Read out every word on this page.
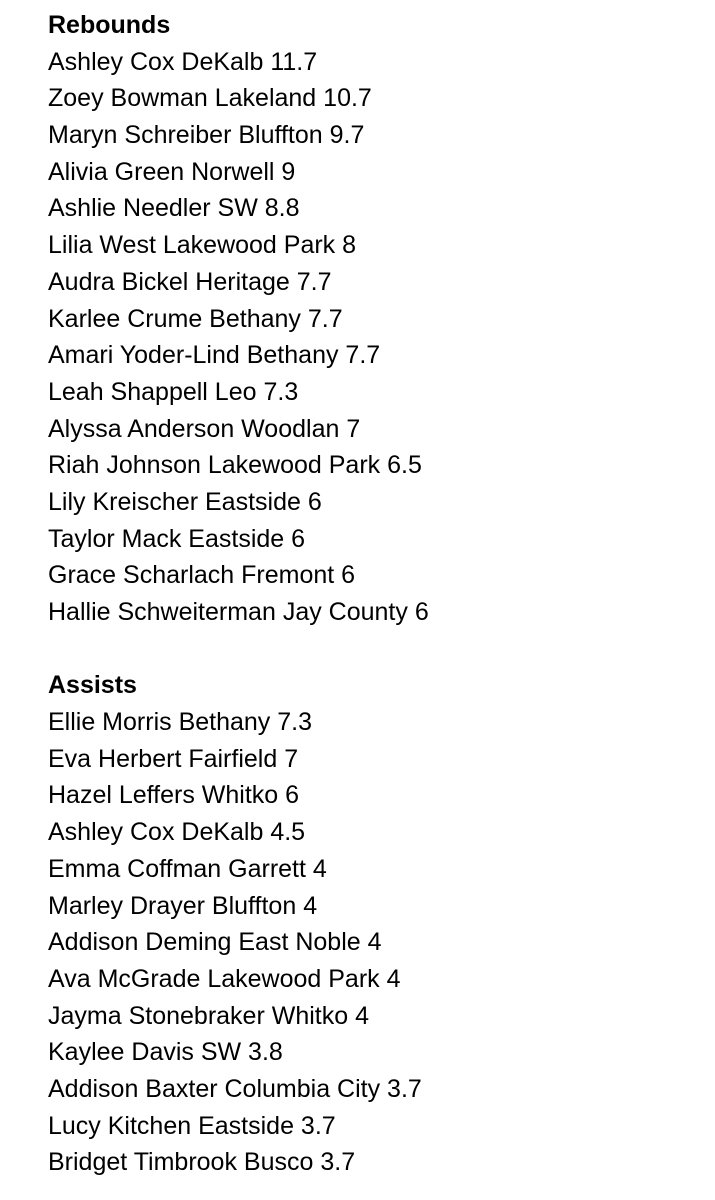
Rebounds
Ashley Cox DeKalb 11.7
Zoey Bowman Lakeland 10.7
Maryn Schreiber Bluffton 9.7
Alivia Green Norwell 9
Ashlie Needler SW 8.8
Lilia West Lakewood Park 8
Audra Bickel Heritage 7.7
Karlee Crume Bethany 7.7
Amari Yoder-Lind Bethany 7.7
Leah Shappell Leo 7.3
Alyssa Anderson Woodlan 7
Riah Johnson Lakewood Park 6.5
Lily Kreischer Eastside 6
Taylor Mack Eastside 6
Grace Scharlach Fremont 6
Hallie Schweiterman Jay County 6
Assists
Ellie Morris Bethany 7.3
Eva Herbert Fairfield 7
Hazel Leffers Whitko 6
Ashley Cox DeKalb 4.5
Emma Coffman Garrett 4
Marley Drayer Bluffton 4
Addison Deming East Noble 4
Ava McGrade Lakewood Park 4
Jayma Stonebraker Whitko 4
Kaylee Davis SW 3.8
Addison Baxter Columbia City 3.7
Lucy Kitchen Eastside 3.7
Bridget Timbrook Busco 3.7
